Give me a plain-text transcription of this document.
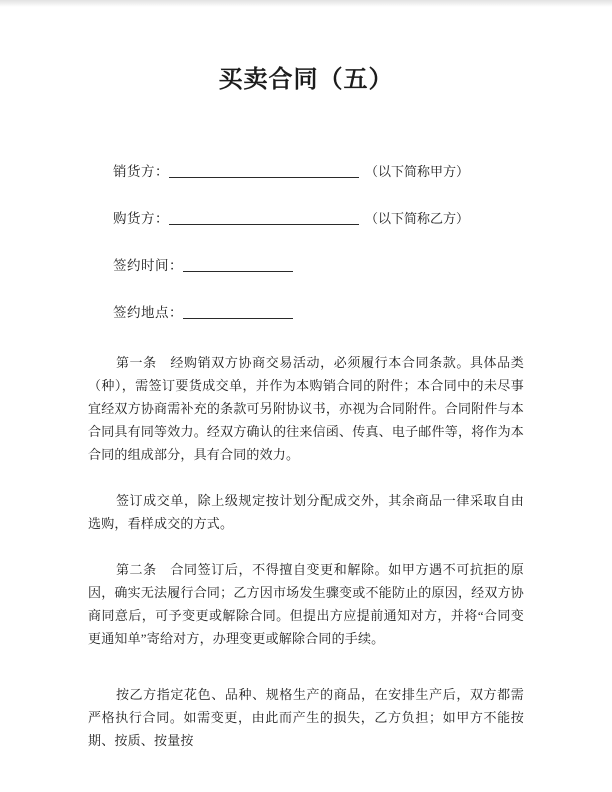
买卖合同（五）
销货方：	（以下简称甲方）
购货方：	（以下简称乙方）
签约时间：
签约地点：

第一条　经购销双方协商交易活动，必须履行本合同条款。具体品类（种），需签订要货成交单，并作为本购销合同的附件；本合同中的未尽事宜经双方协商需补充的条款可另附协议书，亦视为合同附件。合同附件与本合同具有同等效力。经双方确认的往来信函、传真、电子邮件等，将作为本合同的组成部分，具有合同的效力。

签订成交单，除上级规定按计划分配成交外，其余商品一律采取自由选购，看样成交的方式。

第二条　合同签订后，不得擅自变更和解除。如甲方遇不可抗拒的原因，确实无法履行合同；乙方因市场发生骤变或不能防止的原因，经双方协商同意后，可予变更或解除合同。但提出方应提前通知对方，并将“合同变更通知单”寄给对方，办理变更或解除合同的手续。

按乙方指定花色、品种、规格生产的商品，在安排生产后，双方都需严格执行合同。如需变更，由此而产生的损失，乙方负担；如甲方不能按期、按质、按量按
